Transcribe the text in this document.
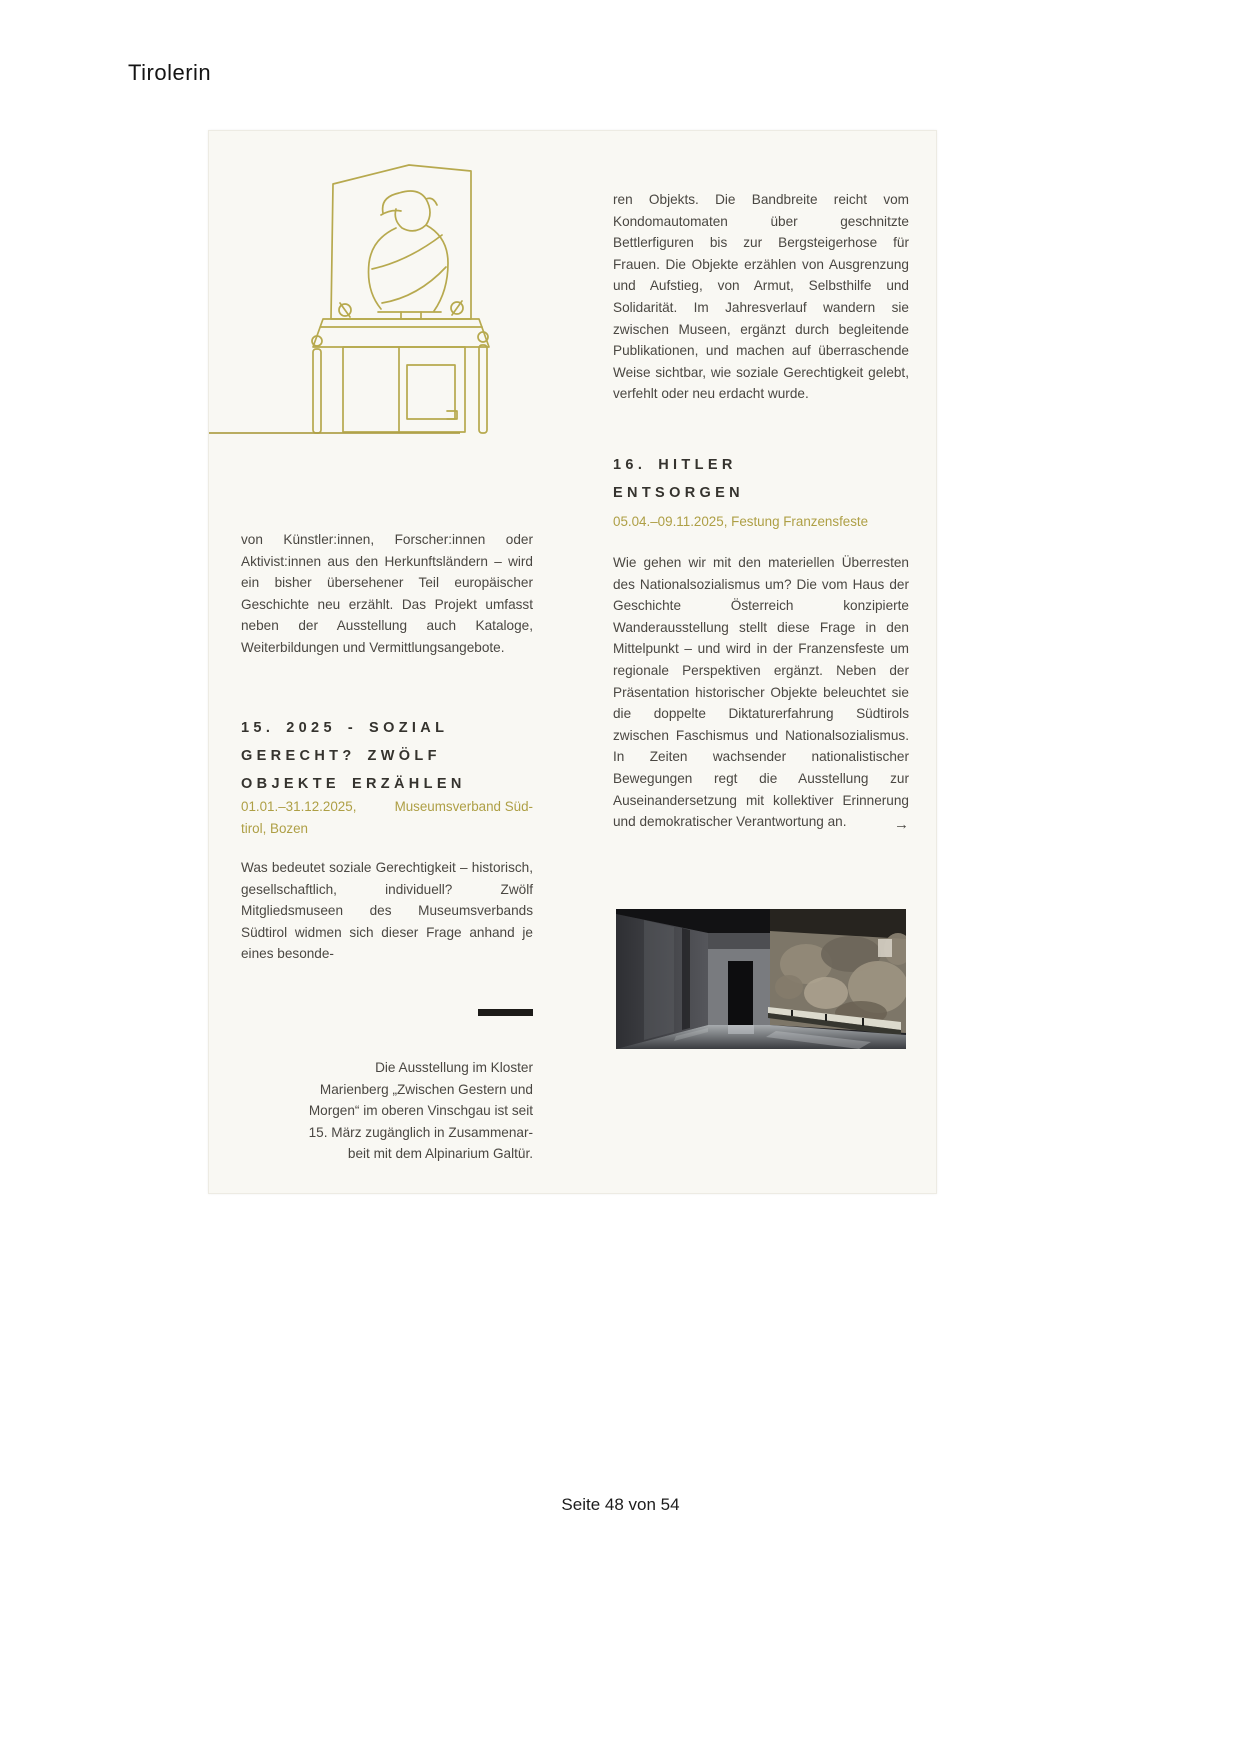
Tirolerin
von Künstler:innen, Forscher:innen oder Aktivist:innen aus den Herkunftsländern – wird ein bisher übersehener Teil europäischer Geschichte neu erzählt. Das Projekt umfasst neben der Ausstellung auch Kataloge, Weiterbildungen und Vermittlungsangebote.
15. 2025 - SOZIAL
GERECHT? ZWÖLF
OBJEKTE ERZÄHLEN
01.01.–31.12.2025,	Museumsverband Süd-
tirol, Bozen
Was bedeutet soziale Gerechtigkeit – historisch, gesellschaftlich, individuell? Zwölf Mitgliedsmuseen des Museumsverbands Südtirol widmen sich dieser Frage anhand je eines besonde-
Die Ausstellung im Kloster
Marienberg „Zwischen Gestern und
Morgen“ im oberen Vinschgau ist seit
15. März zugänglich in Zusammenar-
beit mit dem Alpinarium Galtür.
ren Objekts. Die Bandbreite reicht vom Kondomautomaten über geschnitzte Bettlerfiguren bis zur Bergsteigerhose für Frauen. Die Objekte erzählen von Ausgrenzung und Aufstieg, von Armut, Selbsthilfe und Solidarität. Im Jahresverlauf wandern sie zwischen Museen, ergänzt durch begleitende Publikationen, und machen auf überraschende Weise sichtbar, wie soziale Gerechtigkeit gelebt, verfehlt oder neu erdacht wurde.
16. HITLER
ENTSORGEN
05.04.–09.11.2025, Festung Franzensfeste
Wie gehen wir mit den materiellen Überresten des Nationalsozialismus um? Die vom Haus der Geschichte Österreich konzipierte Wanderausstellung stellt diese Frage in den Mittelpunkt – und wird in der Franzensfeste um regionale Perspektiven ergänzt. Neben der Präsentation historischer Objekte beleuchtet sie die doppelte Diktaturerfahrung Südtirols zwischen Faschismus und Nationalsozialismus. In Zeiten wachsender nationalistischer Bewegungen regt die Ausstellung zur Auseinandersetzung mit kollektiver Erinnerung und demokratischer Verantwortung an.	→
Seite 48 von 54
